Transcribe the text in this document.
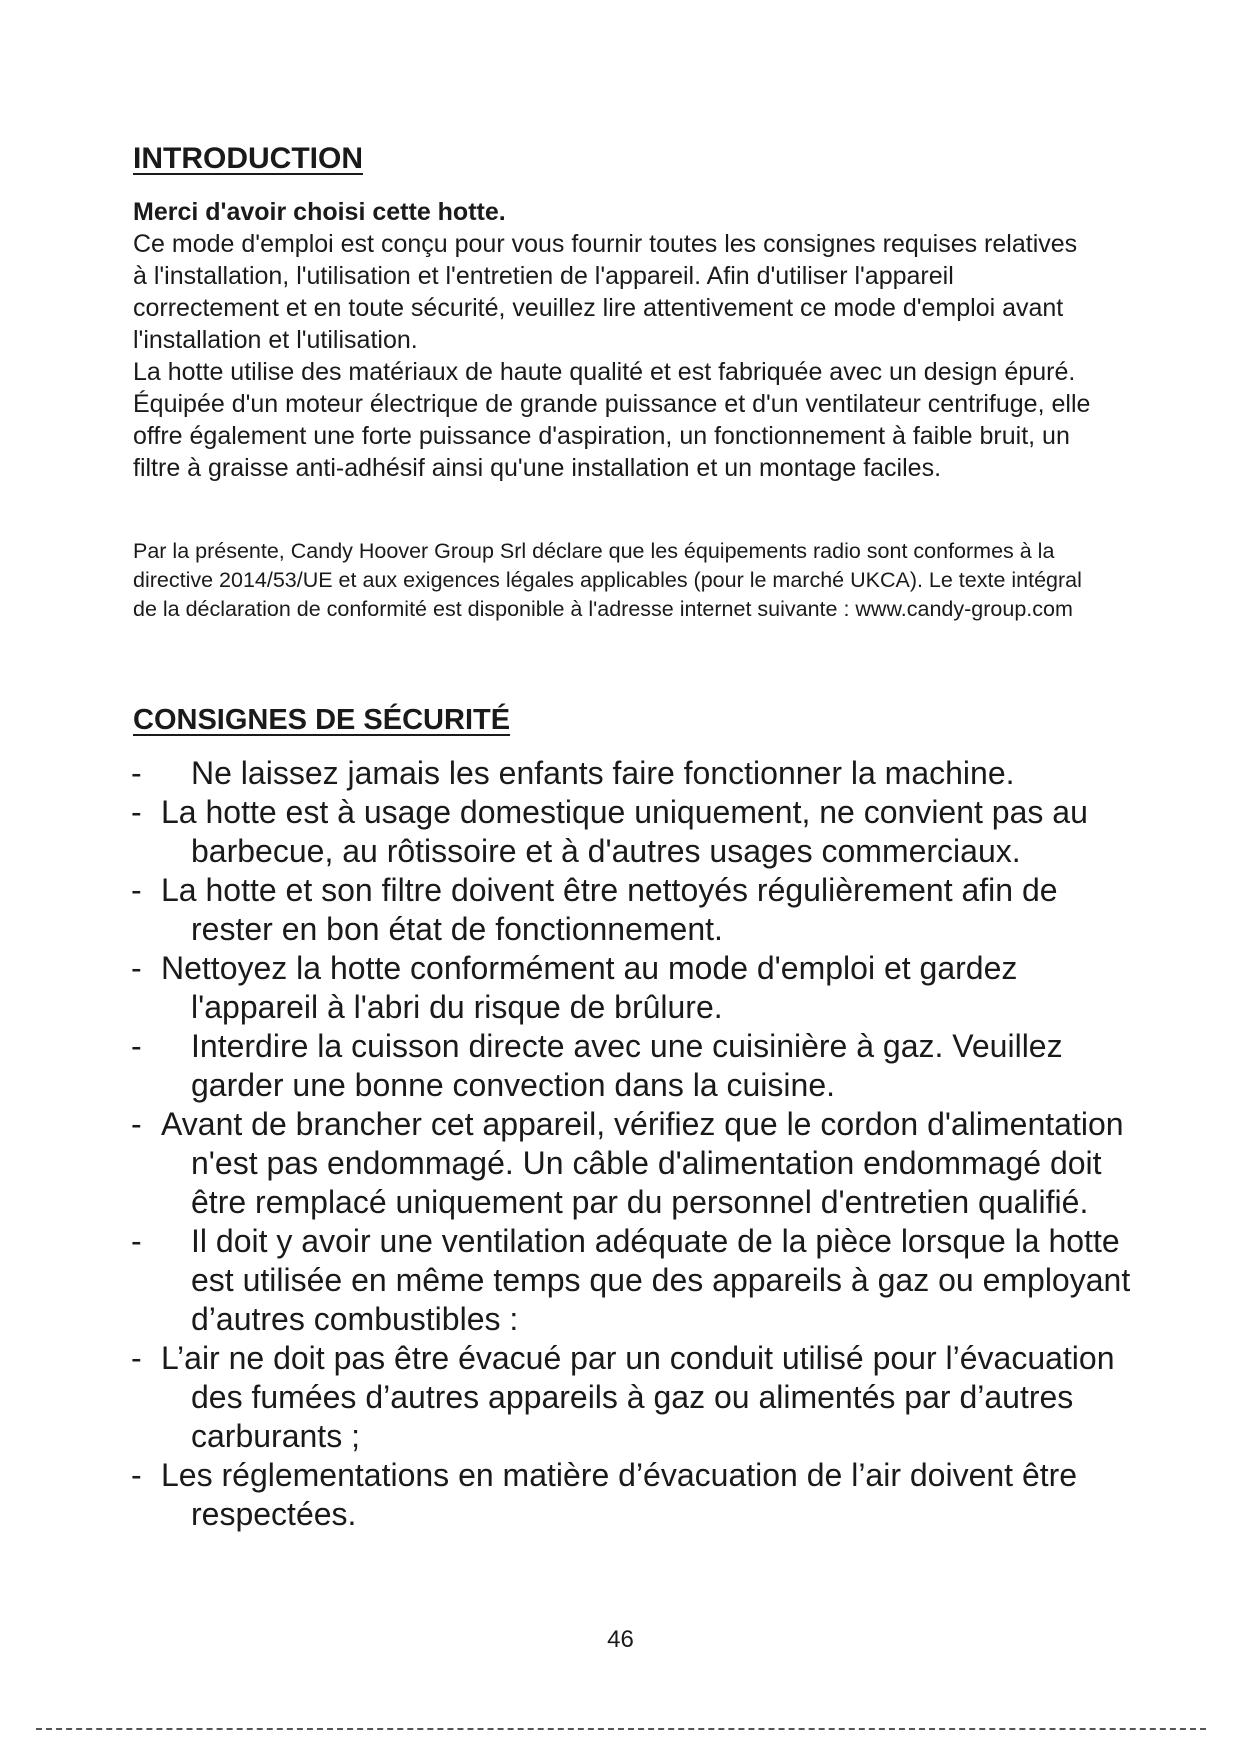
INTRODUCTION

Merci d'avoir choisi cette hotte.

Ce mode d'emploi est conçu pour vous fournir toutes les consignes requises relatives à l'installation, l'utilisation et l'entretien de l'appareil. Afin d'utiliser l'appareil correctement et en toute sécurité, veuillez lire attentivement ce mode d'emploi avant l'installation et l'utilisation.

La hotte utilise des matériaux de haute qualité et est fabriquée avec un design épuré. Équipée d'un moteur électrique de grande puissance et d'un ventilateur centrifuge, elle offre également une forte puissance d'aspiration, un fonctionnement à faible bruit, un filtre à graisse anti-adhésif ainsi qu'une installation et un montage faciles.

Par la présente, Candy Hoover Group Srl déclare que les équipements radio sont conformes à la directive 2014/53/UE et aux exigences légales applicables (pour le marché UKCA). Le texte intégral de la déclaration de conformité est disponible à l'adresse internet suivante : www.candy-group.com

CONSIGNES DE SÉCURITÉ
- Ne laissez jamais les enfants faire fonctionner la machine.
- La hotte est à usage domestique uniquement, ne convient pas au barbecue, au rôtissoire et à d'autres usages commerciaux.
- La hotte et son filtre doivent être nettoyés régulièrement afin de rester en bon état de fonctionnement.
- Nettoyez la hotte conformément au mode d'emploi et gardez l'appareil à l'abri du risque de brûlure.
- Interdire la cuisson directe avec une cuisinière à gaz. Veuillez garder une bonne convection dans la cuisine.
- Avant de brancher cet appareil, vérifiez que le cordon d'alimentation n'est pas endommagé. Un câble d'alimentation endommagé doit être remplacé uniquement par du personnel d'entretien qualifié.
- Il doit y avoir une ventilation adéquate de la pièce lorsque la hotte est utilisée en même temps que des appareils à gaz ou employant d’autres combustibles :
- L’air ne doit pas être évacué par un conduit utilisé pour l’évacuation des fumées d’autres appareils à gaz ou alimentés par d’autres carburants ;
- Les réglementations en matière d’évacuation de l’air doivent être respectées.
46
